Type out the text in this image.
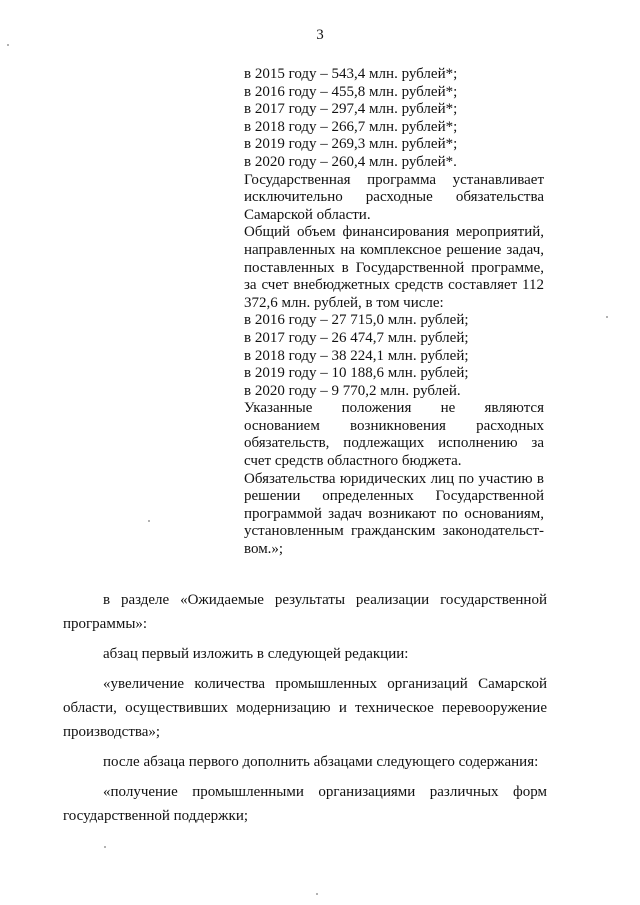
3
в 2015 году – 543,4 млн. рублей*;
в 2016 году – 455,8 млн. рублей*;
в 2017 году – 297,4 млн. рублей*;
в 2018 году – 266,7 млн. рублей*;
в 2019 году – 269,3 млн. рублей*;
в 2020 году – 260,4 млн. рублей*.
Государственная программа устанавливает исключительно расходные обязательства Самарской области.
Общий объем финансирования мероприятий, направленных на комплексное решение задач, поставленных в Государственной программе, за счет внебюджетных средств составляет 112 372,6 млн. рублей, в том числе:
в 2016 году – 27 715,0 млн. рублей;
в 2017 году – 26 474,7 млн. рублей;
в 2018 году – 38 224,1 млн. рублей;
в 2019 году – 10 188,6 млн. рублей;
в 2020 году – 9 770,2 млн. рублей.
Указанные положения не являются основанием возникновения расходных обязательств, подлежащих исполнению за счет средств областного бюджета.
Обязательства юридических лиц по участию в решении определенных Государственной программой задач возникают по основаниям, установленным гражданским законодательст-вом.»;

в разделе «Ожидаемые результаты реализации государственной программы»:

абзац первый изложить в следующей редакции:

«увеличение количества промышленных организаций Самарской области, осуществивших модернизацию и техническое перевооружение производства»;

после абзаца первого дополнить абзацами следующего содержания:

«получение промышленными организациями различных форм государственной поддержки;
